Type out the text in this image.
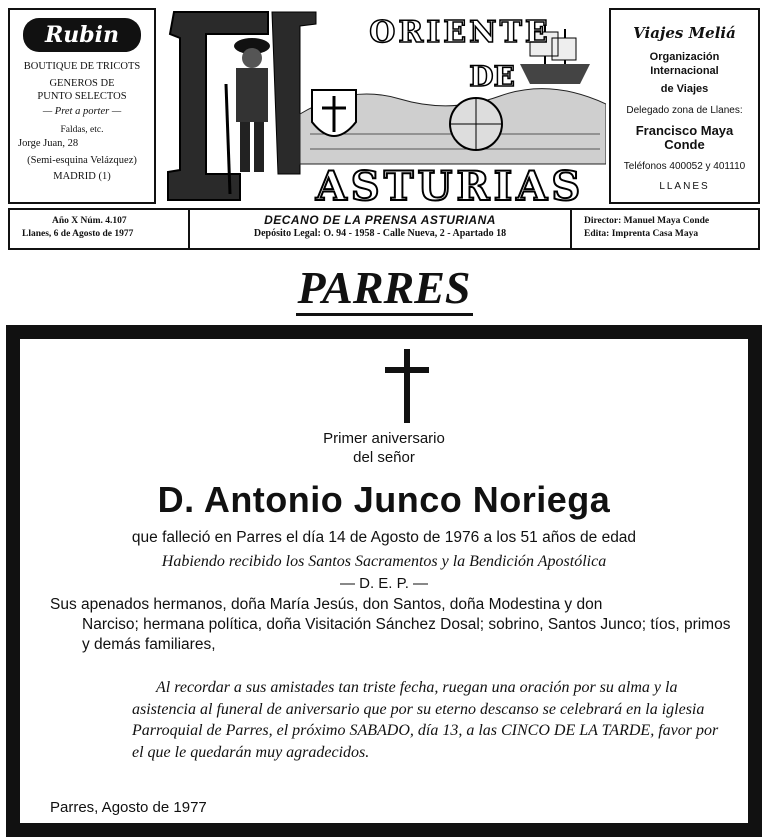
Rubin

BOUTIQUE DE TRICOTS

GENEROS DE

PUNTO SELECTOS

— Pret a porter —

Faldas, etc.

Jorge Juan, 28

(Semi-esquina Velázquez)

MADRID (1)

ORIENTE
DE
ASTURIAS

Viajes Meliá

Organización Internacional

de Viajes

Delegado zona de Llanes:

Francisco Maya Conde

Teléfonos 400052 y 401110

LLANES

Año X Núm. 4.107

Llanes, 6 de Agosto de 1977

DECANO DE LA PRENSA ASTURIANA

Depósito Legal: O. 94 - 1958 - Calle Nueva, 2 - Apartado 18

Director: Manuel Maya Conde

Edita: Imprenta Casa Maya

PARRES
Primer aniversario
del señor

D. Antonio Junco Noriega

que falleció en Parres el día 14 de Agosto de 1976 a los 51 años de edad

Habiendo recibido los Santos Sacramentos y la Bendición Apostólica

— D. E. P. —

Sus apenados hermanos, doña María Jesús, don Santos, doña Modestina y don
Narciso; hermana política, doña Visitación Sánchez Dosal; sobrino, Santos Junco; tíos, primos y demás familiares,

Al recordar a sus amistades tan triste fecha, ruegan una oración por su alma y la asistencia al funeral de aniversario que por su eterno descanso se celebrará en la iglesia Parroquial de Parres, el próximo SABADO, día 13, a las CINCO DE LA TARDE, favor por el que le quedarán muy agradecidos.

Parres, Agosto de 1977
